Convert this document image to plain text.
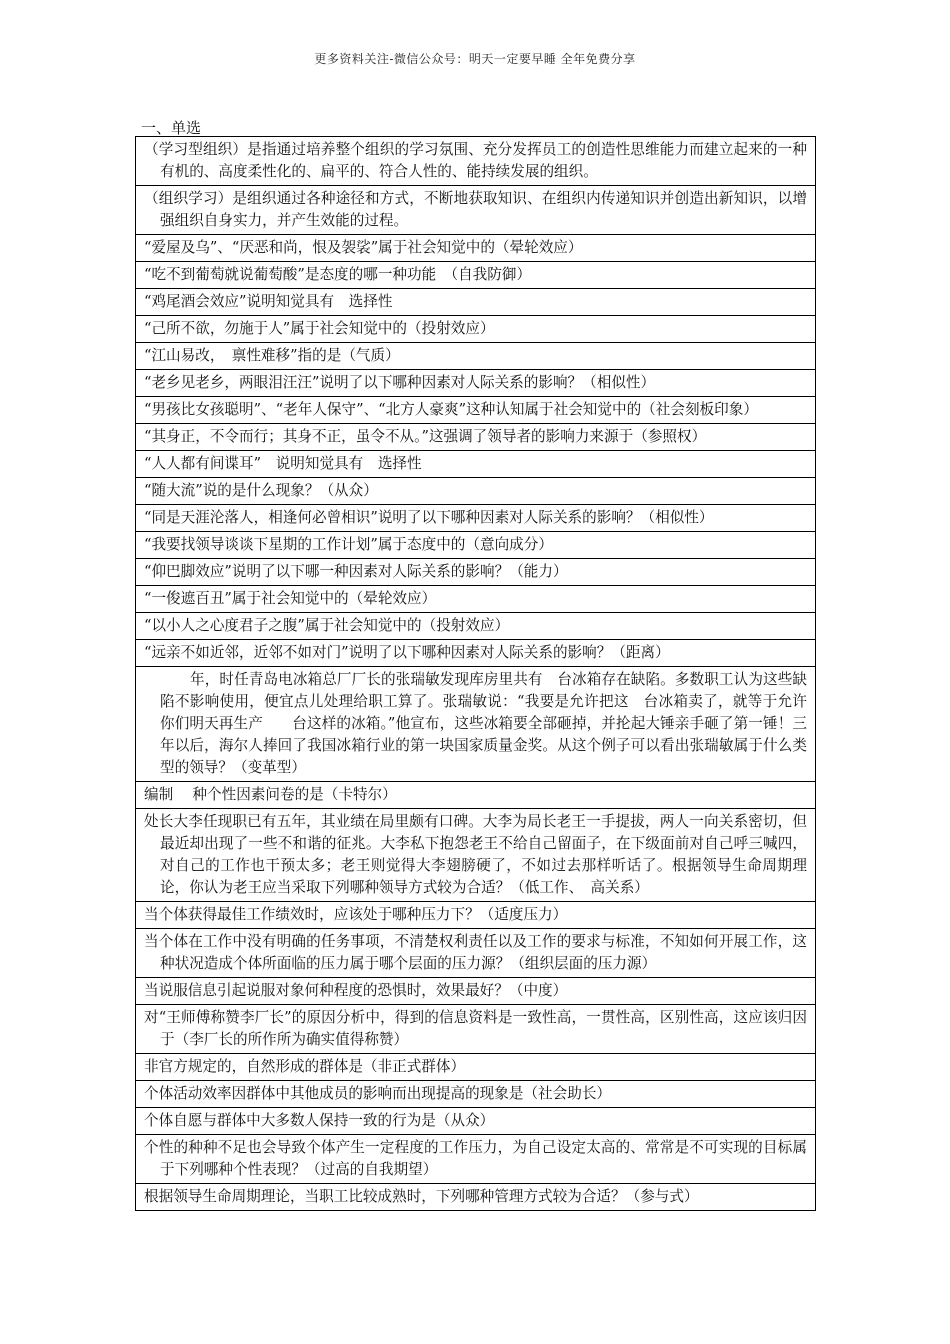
更多资料关注-微信公众号：明天一定要早睡 全年免费分享
一、单选
（学习型组织）是指通过培养整个组织的学习氛围、充分发挥员工的创造性思维能力而建立起来的一种有机的、高度柔性化的、扁平的、符合人性的、能持续发展的组织。

（组织学习）是组织通过各种途径和方式，不断地获取知识、在组织内传递知识并创造出新知识，以增强组织自身实力，并产生效能的过程。

“爱屋及乌”、“厌恶和尚，恨及袈裟”属于社会知觉中的（晕轮效应）
“吃不到葡萄就说葡萄酸”是态度的哪一种功能　（自我防御）
“鸡尾酒会效应”说明知觉具有　选择性
“己所不欲，勿施于人”属于社会知觉中的（投射效应）
“江山易改，　禀性难移”指的是（气质）
“老乡见老乡，两眼泪汪汪”说明了以下哪种因素对人际关系的影响？（相似性）

“男孩比女孩聪明”、“老年人保守”、“北方人豪爽”这种认知属于社会知觉中的（社会刻板印象）

“其身正，不令而行；其身不正，虽令不从。”这强调了领导者的影响力来源于（参照权）
“人人都有间谍耳”　说明知觉具有　选择性
“随大流”说的是什么现象？（从众）
“同是天涯沦落人，相逢何必曾相识”说明了以下哪种因素对人际关系的影响？（相似性）
“我要找领导谈谈下星期的工作计划”属于态度中的（意向成分）
“仰巴脚效应”说明了以下哪一种因素对人际关系的影响？（能力）
“一俊遮百丑”属于社会知觉中的（晕轮效应）
“以小人之心度君子之腹”属于社会知觉中的（投射效应）
“远亲不如近邻，近邻不如对门”说明了以下哪种因素对人际关系的影响？（距离）

年，时任青岛电冰箱总厂厂长的张瑞敏发现库房里共有　台冰箱存在缺陷。多数职工认为这些缺陷不影响使用，便宜点儿处理给职工算了。张瑞敏说：“我要是允许把这　台冰箱卖了，就等于允许你们明天再生产　　台这样的冰箱。”他宣布，这些冰箱要全部砸掉，并抡起大锤亲手砸了第一锤！三年以后，海尔人捧回了我国冰箱行业的第一块国家质量金奖。从这个例子可以看出张瑞敏属于什么类型的领导？（变革型）

编制　 种个性因素问卷的是（卡特尔）

处长大李任现职已有五年，其业绩在局里颇有口碑。大李为局长老王一手提拔，两人一向关系密切，但最近却出现了一些不和谐的征兆。大李私下抱怨老王不给自己留面子，在下级面前对自己呼三喊四，对自己的工作也干预太多；老王则觉得大李翅膀硬了，不如过去那样听话了。根据领导生命周期理论，你认为老王应当采取下列哪种领导方式较为合适？（低工作、　高关系）

当个体获得最佳工作绩效时，应该处于哪种压力下？（适度压力）

当个体在工作中没有明确的任务事项，不清楚权利责任以及工作的要求与标准，不知如何开展工作，这种状况造成个体所面临的压力属于哪个层面的压力源？（组织层面的压力源）

当说服信息引起说服对象何种程度的恐惧时，效果最好？（中度）

对“王师傅称赞李厂长”的原因分析中，得到的信息资料是一致性高，一贯性高，区别性高，这应该归因于（李厂长的所作所为确实值得称赞）

非官方规定的，自然形成的群体是（非正式群体）
个体活动效率因群体中其他成员的影响而出现提高的现象是（社会助长）
个体自愿与群体中大多数人保持一致的行为是（从众）

个性的种种不足也会导致个体产生一定程度的工作压力，为自己设定太高的、常常是不可实现的目标属于下列哪种个性表现？（过高的自我期望）

根据领导生命周期理论，当职工比较成熟时，下列哪种管理方式较为合适？（参与式）
